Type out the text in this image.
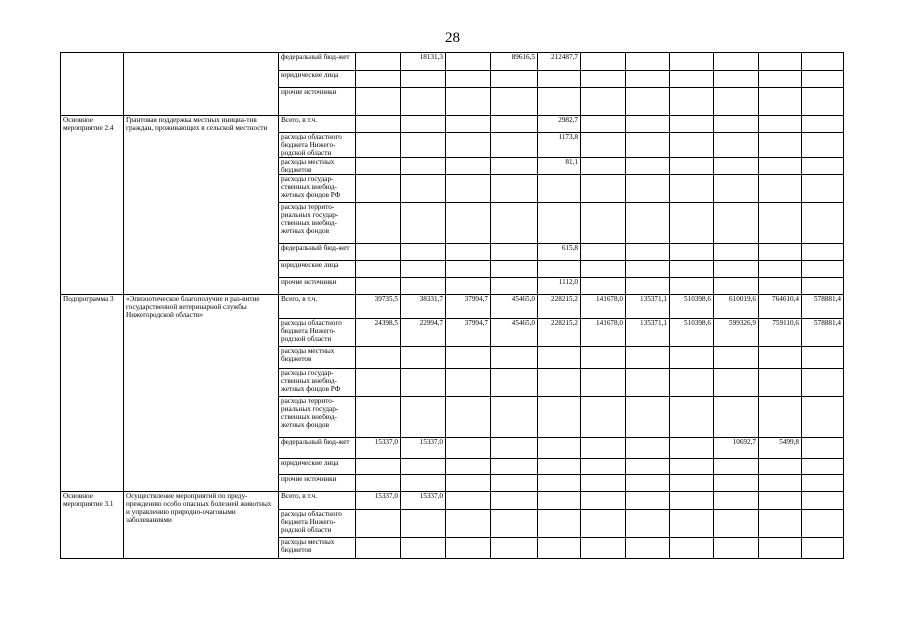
28
		федеральный бюд-жет		18131,3		89616,5	212487,7						
		юридические лица											
		прочие источники											
Основное мероприятие 2.4	Грантовая поддержка местных инициа-тив граждан, проживающих в сельской местности	Всего, в т.ч.					2982,7						
		расходы областного бюджета Нижего-родской области					1173,8						
		расходы местных бюджетов					81,1						
		расходы государ-ственных внебюд-жетных фондов РФ											
		расходы террито-риальных государ-ственных внебюд-жетных фондов											
		федеральный бюд-жет					615,8						
		юридические лица											
		прочие источники					1112,0						
Подпрограмма 3	«Эпизоотическое благополучие и раз-витие государственной ветеринарной службы Нижегородской области»	Всего, в т.ч.	39735,5	38331,7	37994,7	45465,0	228215,2	141678,0	135371,1	510398,6	610019,6	764610,4	578881,4
		расходы областного бюджета Нижего-родской области	24398,5	22994,7	37994,7	45465,0	228215,2	141678,0	135371,1	510398,6	599326,9	759110,6	578881,4
		расходы местных бюджетов											
		расходы государ-ственных внебюд-жетных фондов РФ											
		расходы террито-риальных государ-ственных внебюд-жетных фондов											
		федеральный бюд-жет	15337,0	15337,0							10692,7	5499,8	
		юридические лица											
		прочие источники											
Основное мероприятие 3.1	Осуществление мероприятий по преду-преждению особо опасных болезней животных и управлению природно-очаговыми заболеваниями	Всего, в т.ч.	15337,0	15337,0									
		расходы областного бюджета Нижего-родской области											
		расходы местных бюджетов											
